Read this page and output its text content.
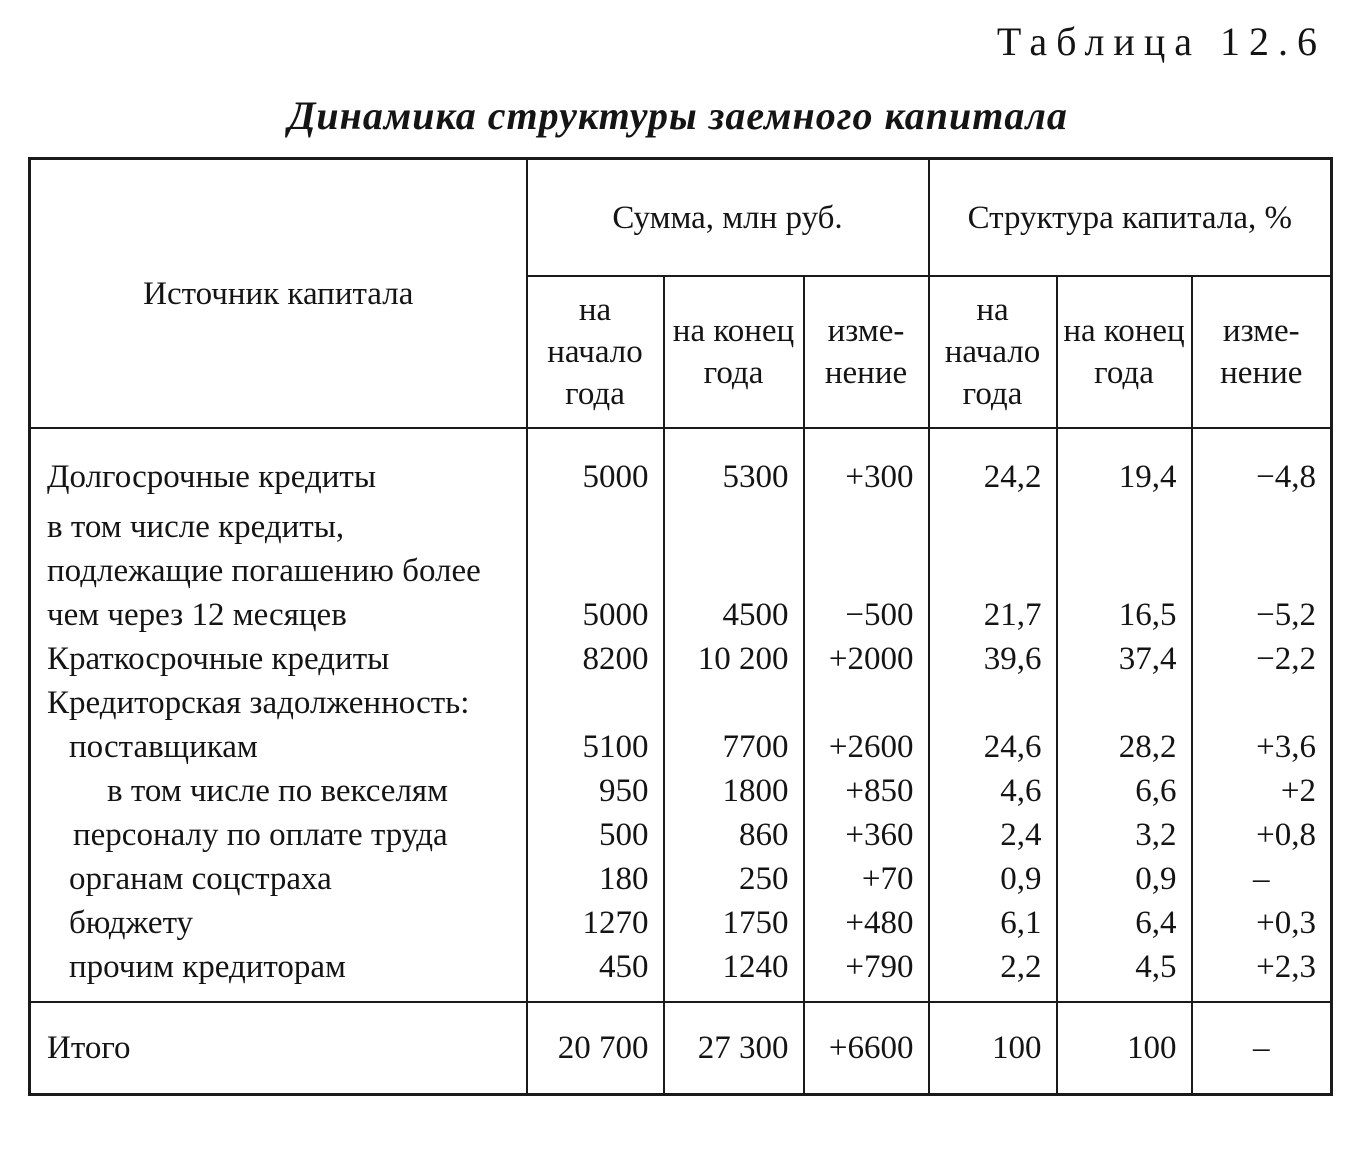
Таблица 12.6
Динамика структуры заемного капитала
Источник капитала	Сумма, млн руб.			Структура капитала, %		
	на начало года	на конец года	изме-нение	на начало года	на конец года	изме-нение
Долгосрочные кредиты	5000	5300	+300	24,2	19,4	−4,8
в том числе кредиты, подлежащие погашению более чем через 12 месяцев	5000	4500	−500	21,7	16,5	−5,2
Краткосрочные кредиты	8200	10 200	+2000	39,6	37,4	−2,2
Кредиторская задолженность:						
поставщикам	5100	7700	+2600	24,6	28,2	+3,6
в том числе по векселям	950	1800	+850	4,6	6,6	+2
персоналу по оплате труда	500	860	+360	2,4	3,2	+0,8
органам соцстраха	180	250	+70	0,9	0,9	–
бюджету	1270	1750	+480	6,1	6,4	+0,3
прочим кредиторам	450	1240	+790	2,2	4,5	+2,3
Итого	20 700	27 300	+6600	100	100	–
